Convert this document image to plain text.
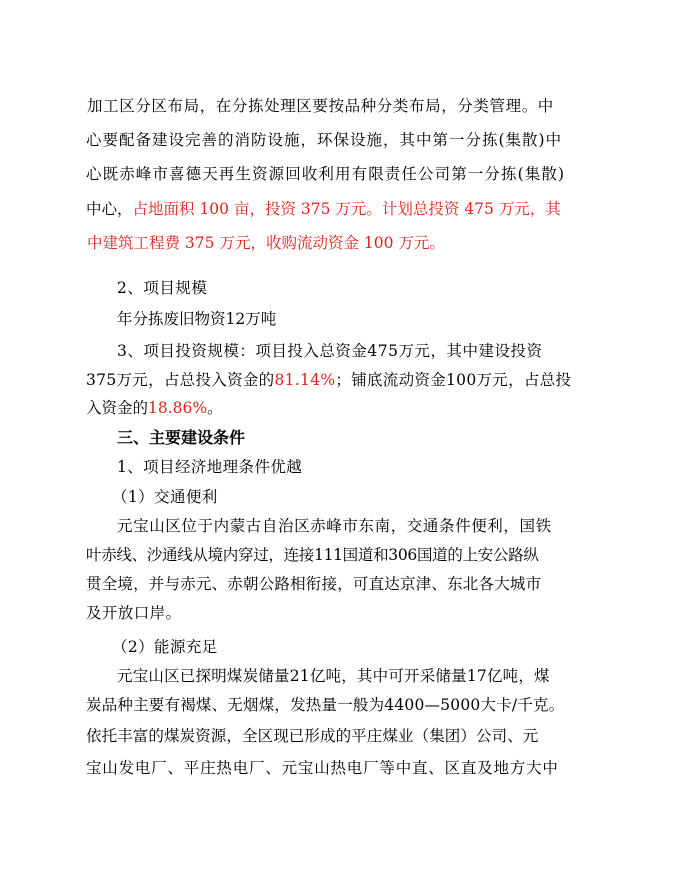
加工区分区布局，在分拣处理区要按品种分类布局，分类管理。中
心要配备建设完善的消防设施，环保设施，其中第一分拣(集散)中
心既赤峰市喜德天再生资源回收利用有限责任公司第一分拣(集散)
中心，占地面积 100 亩，投资 375 万元。计划总投资 475 万元，其
中建筑工程费 375 万元，收购流动资金 100 万元。
2、项目规模
年分拣废旧物资12万吨
3、项目投资规模：项目投入总资金475万元，其中建设投资
375万元，占总投入资金的81.14%；铺底流动资金100万元，占总投
入资金的18.86%。
三、主要建设条件
1、项目经济地理条件优越
（1）交通便利
元宝山区位于内蒙古自治区赤峰市东南，交通条件便利，国铁
叶赤线、沙通线从境内穿过，连接111国道和306国道的上安公路纵
贯全境，并与赤元、赤朝公路相衔接，可直达京津、东北各大城市
及开放口岸。
（2）能源充足
元宝山区已探明煤炭储量21亿吨，其中可开采储量17亿吨，煤
炭品种主要有褐煤、无烟煤，发热量一般为4400—5000大卡/千克。
依托丰富的煤炭资源，全区现已形成的平庄煤业（集团）公司、元
宝山发电厂、平庄热电厂、元宝山热电厂等中直、区直及地方大中
